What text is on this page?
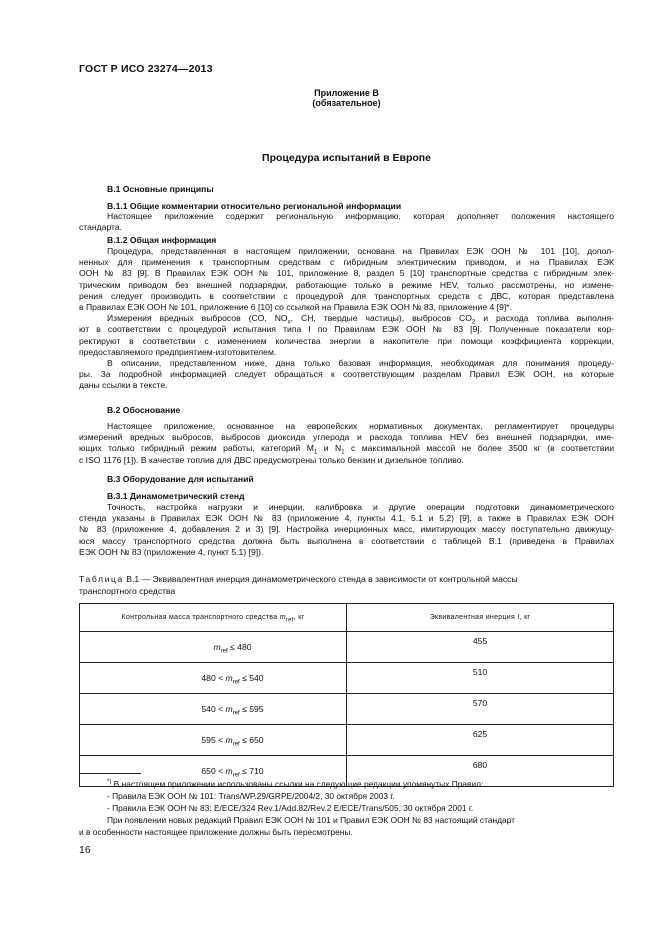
ГОСТ Р ИСО 23274—2013
Приложение В
(обязательное)
Процедура испытаний в Европе
В.1 Основные принципы
В.1.1 Общие комментарии относительно региональной информации
Настоящее приложение содержит региональную информацию, которая дополняет положения настоящего
стандарта.
В.1.2 Общая информация
Процедура, представленная в настоящем приложении, основана на Правилах ЕЭК ООН № 101 [10], допол-
ненных для применения к транспортным средствам с гибридным электрическим приводом, и на Правилах ЕЭК
ООН № 83 [9]. В Правилах ЕЭК ООН № 101, приложение 8, раздел 5 [10] транспортные средства с гибридным элек-
трическим приводом без внешней подзарядки, работающие только в режиме HEV, только рассмотрены, но измене-
рения следует производить в соответствии с процедурой для транспортных средств с ДВС, которая представлена
в Правилах ЕЭК ООН № 101, приложение 6 [10] со ссылкой на Правила ЕЭК ООН № 83, приложение 4 [9]*.
Измерения вредных выбросов (CO, $NO_x$, CH, твердые частицы), выбросов $CO_2$ и расхода топлива выполня-
ют в соответствии с процедурой испытания типа I по Правилам ЕЭК ООН № 83 [9]. Полученные показатели кор-
ректируют в соответствии с изменением количества энергии в накопителе при помощи коэффициента коррекции,
предоставляемого предприятием-изготовителем.
В описании, представленном ниже, дана только базовая информация, необходимая для понимания процеду-
ры. За подробной информацией следует обращаться к соответствующим разделам Правил ЕЭК ООН, на которые
даны ссылки в тексте.
В.2 Обоснование
Настоящее приложение, основанное на европейских нормативных документах, регламентирует процедуры
измерений вредных выбросов, выбросов диоксида углерода и расхода топлива HEV без внешней подзарядки, име-
ющих только гибридный режим работы, категорий $M_1$ и $N_1$ с максимальной массой не более 3500 кг (в соответствии
с ISO 1176 [1]). В качестве топлив для ДВС предусмотрены только бензин и дизельное топливо.
В.3 Оборудование для испытаний
В.3.1 Динамометрический стенд
Точность, настройка нагрузки и инерции, калибровка и другие операции подготовки динамометрического
стенда указаны в Правилах ЕЭК ООН № 83 (приложение 4, пункты 4.1, 5.1 и 5.2) [9], а также в Правилах ЕЭК ООН
№ 83 (приложение 4, добавления 2 и 3) [9]. Настройка инерционных масс, имитирующих массу поступательно движущу-
юся массу транспортного средства должна быть выполнена в соответствии с таблицей В.1 (приведена в Правилах
ЕЭК ООН № 83 (приложение 4, пункт 5.1) [9]).
Таблица В.1 — Эквивалентная инерция динамометрического стенда в зависимости от контрольной массы
транспортного средства
Контрольная масса транспортного средства $m_{ref}$, кг	Эквивалентная инерция I, кг
$m_{ref} \le 480$	455
$480 < m_{ref} \le 540$	510
$540 < m_{ref} \le 595$	570
$595 < m_{ref} \le 650$	625
$650 < m_{ref} \le 710$	680
*) В настоящем приложении использованы ссылки на следующие редакции упомянутых Правил:
- Правила ЕЭК ООН № 101: Trans/WP.29/GRPE/2004/2, 30 октября 2003 г.
- Правила ЕЭК ООН № 83: E/ECE/324 Rev.1/Add.82/Rev.2 E/ECE/Trans/505, 30 октября 2001 г.
При появлении новых редакций Правил ЕЭК ООН № 101 и Правил ЕЭК ООН № 83 настоящий стандарт
и в особенности настоящее приложение должны быть пересмотрены.
16
